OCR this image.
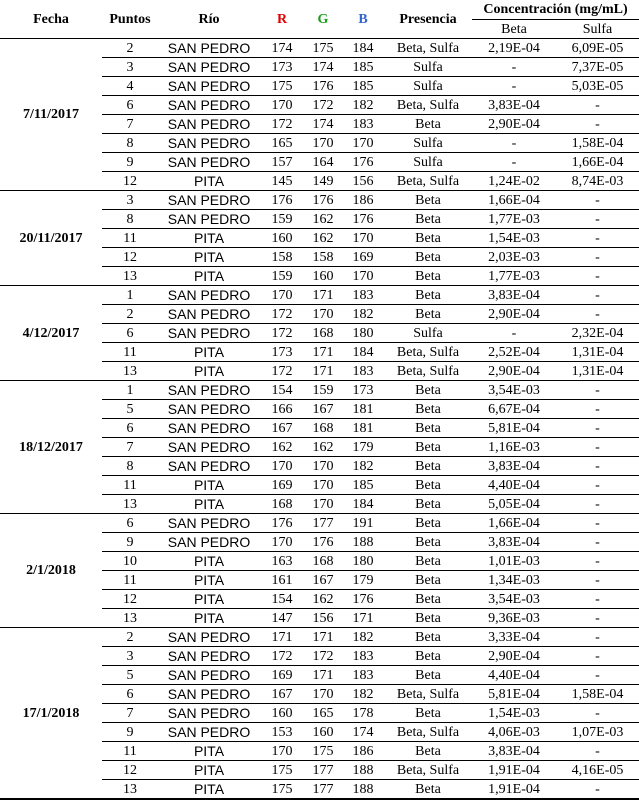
Fecha	Puntos	Río	R	G	B	Presencia	Concentración (mg/mL)	
							Beta	Sulfa
7/11/2017	2	SAN PEDRO	174	175	184	Beta, Sulfa	2,19E-04	6,09E-05
	3	SAN PEDRO	173	174	185	Sulfa	-	7,37E-05
	4	SAN PEDRO	175	176	185	Sulfa	-	5,03E-05
	6	SAN PEDRO	170	172	182	Beta, Sulfa	3,83E-04	-
	7	SAN PEDRO	172	174	183	Beta	2,90E-04	-
	8	SAN PEDRO	165	170	170	Sulfa	-	1,58E-04
	9	SAN PEDRO	157	164	176	Sulfa	-	1,66E-04
	12	PITA	145	149	156	Beta, Sulfa	1,24E-02	8,74E-03
20/11/2017	3	SAN PEDRO	176	176	186	Beta	1,66E-04	-
	8	SAN PEDRO	159	162	176	Beta	1,77E-03	-
	11	PITA	160	162	170	Beta	1,54E-03	-
	12	PITA	158	158	169	Beta	2,03E-03	-
	13	PITA	159	160	170	Beta	1,77E-03	-
4/12/2017	1	SAN PEDRO	170	171	183	Beta	3,83E-04	-
	2	SAN PEDRO	172	170	182	Beta	2,90E-04	-
	6	SAN PEDRO	172	168	180	Sulfa	-	2,32E-04
	11	PITA	173	171	184	Beta, Sulfa	2,52E-04	1,31E-04
	13	PITA	172	171	183	Beta, Sulfa	2,90E-04	1,31E-04
18/12/2017	1	SAN PEDRO	154	159	173	Beta	3,54E-03	-
	5	SAN PEDRO	166	167	181	Beta	6,67E-04	-
	6	SAN PEDRO	167	168	181	Beta	5,81E-04	-
	7	SAN PEDRO	162	162	179	Beta	1,16E-03	-
	8	SAN PEDRO	170	170	182	Beta	3,83E-04	-
	11	PITA	169	170	185	Beta	4,40E-04	-
	13	PITA	168	170	184	Beta	5,05E-04	-
2/1/2018	6	SAN PEDRO	176	177	191	Beta	1,66E-04	-
	9	SAN PEDRO	170	176	188	Beta	3,83E-04	-
	10	PITA	163	168	180	Beta	1,01E-03	-
	11	PITA	161	167	179	Beta	1,34E-03	-
	12	PITA	154	162	176	Beta	3,54E-03	-
	13	PITA	147	156	171	Beta	9,36E-03	-
17/1/2018	2	SAN PEDRO	171	171	182	Beta	3,33E-04	-
	3	SAN PEDRO	172	172	183	Beta	2,90E-04	-
	5	SAN PEDRO	169	171	183	Beta	4,40E-04	-
	6	SAN PEDRO	167	170	182	Beta, Sulfa	5,81E-04	1,58E-04
	7	SAN PEDRO	160	165	178	Beta	1,54E-03	-
	9	SAN PEDRO	153	160	174	Beta, Sulfa	4,06E-03	1,07E-03
	11	PITA	170	175	186	Beta	3,83E-04	-
	12	PITA	175	177	188	Beta, Sulfa	1,91E-04	4,16E-05
	13	PITA	175	177	188	Beta	1,91E-04	-
